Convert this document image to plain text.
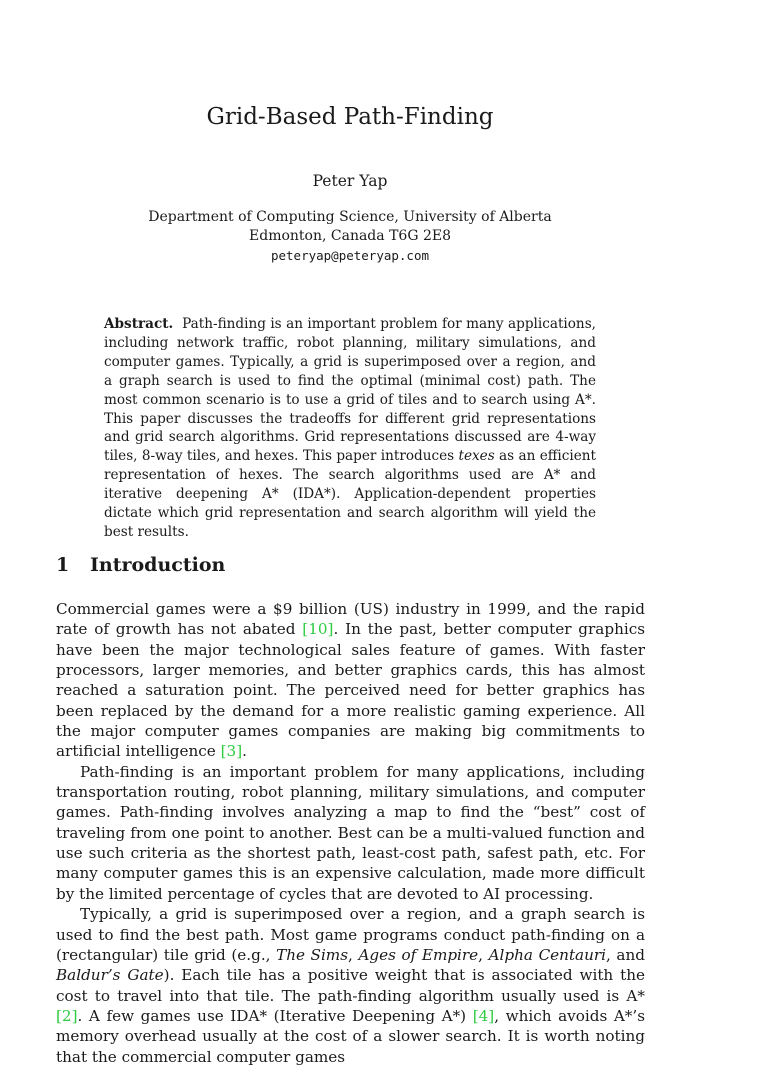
Grid-Based Path-Finding
Peter Yap
Department of Computing Science, University of Alberta
Edmonton, Canada T6G 2E8
peteryap@peteryap.com

Abstract. Path-finding is an important problem for many applications, including network traffic, robot planning, military simulations, and computer games. Typically, a grid is superimposed over a region, and a graph search is used to find the optimal (minimal cost) path. The most common scenario is to use a grid of tiles and to search using A*. This paper discusses the tradeoffs for different grid representations and grid search algorithms. Grid representations discussed are 4-way tiles, 8-way tiles, and hexes. This paper introduces texes as an efficient representation of hexes. The search algorithms used are A* and iterative deepening A* (IDA*). Application-dependent properties dictate which grid representation and search algorithm will yield the best results.

1 Introduction

Commercial games were a $9 billion (US) industry in 1999, and the rapid rate of growth has not abated [10]. In the past, better computer graphics have been the major technological sales feature of games. With faster processors, larger memories, and better graphics cards, this has almost reached a saturation point. The perceived need for better graphics has been replaced by the demand for a more realistic gaming experience. All the major computer games companies are making big commitments to artificial intelligence [3].

Path-finding is an important problem for many applications, including transportation routing, robot planning, military simulations, and computer games. Path-finding involves analyzing a map to find the “best” cost of traveling from one point to another. Best can be a multi-valued function and use such criteria as the shortest path, least-cost path, safest path, etc. For many computer games this is an expensive calculation, made more difficult by the limited percentage of cycles that are devoted to AI processing.

Typically, a grid is superimposed over a region, and a graph search is used to find the best path. Most game programs conduct path-finding on a (rectangular) tile grid (e.g., The Sims, Ages of Empire, Alpha Centauri, and Baldur’s Gate). Each tile has a positive weight that is associated with the cost to travel into that tile. The path-finding algorithm usually used is A* [2]. A few games use IDA* (Iterative Deepening A*) [4], which avoids A*’s memory overhead usually at the cost of a slower search. It is worth noting that the commercial computer games
